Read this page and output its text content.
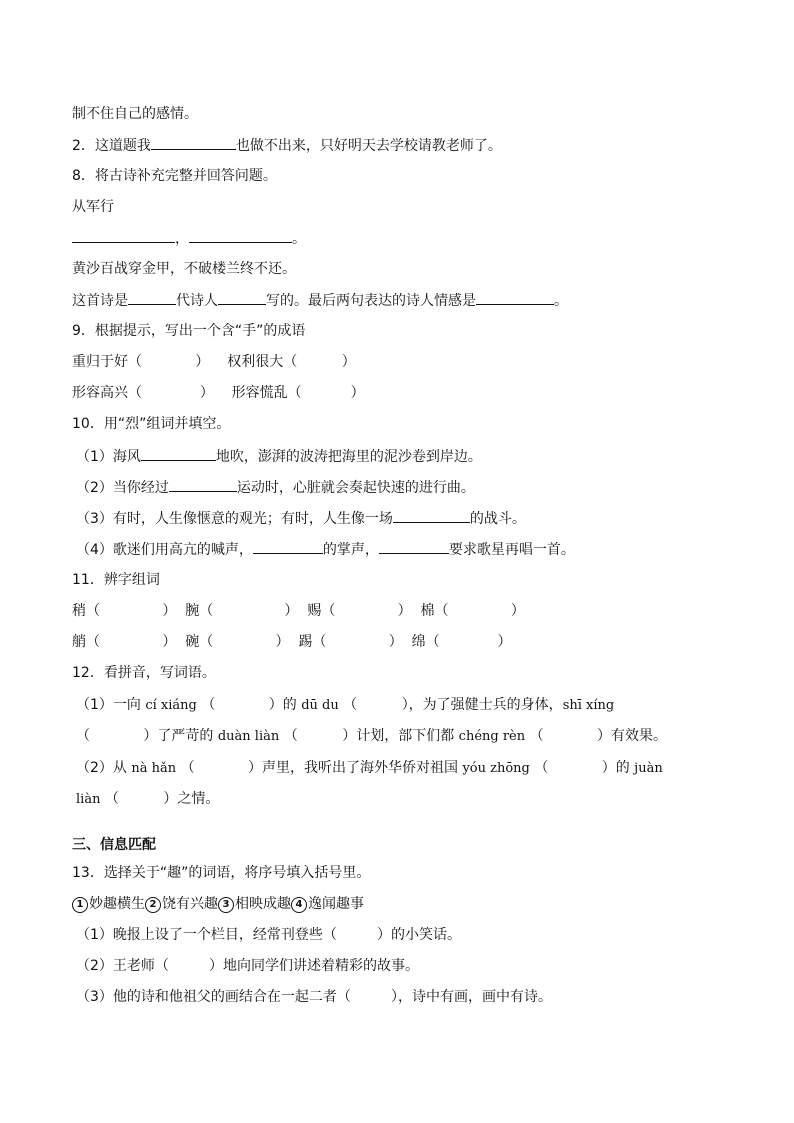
制不住自己的感情。
2．这道题我	也做不出来，只好明天去学校请教老师了。
8．将古诗补充完整并回答问题。
从军行
，	。
黄沙百战穿金甲，不破楼兰终不还。
这首诗是	代诗人	写的。最后两句表达的诗人情感是	。
9．根据提示，写出一个含“手”的成语
重归于好（	） 权利很大（	）
形容高兴（	） 形容慌乱（	）
10．用“烈”组词并填空。
（1）海风	地吹，澎湃的波涛把海里的泥沙卷到岸边。
（2）当你经过	运动时，心脏就会奏起快速的进行曲。
（3）有时，人生像惬意的观光；有时，人生像一场	的战斗。
（4）歌迷们用高亢的喊声，	的掌声，	要求歌星再唱一首。
11．辨字组词
稍（	） 腕（	） 赐（	） 棉（	）
艄（	） 碗（	） 踢（	） 绵（	）
12．看拼音，写词语。
（1）一向 cí xiáng （	）的 dū du （	），为了强健士兵的身体，shī xíng
（	）了严苛的 duàn liàn （	）计划，部下们都 chéng rèn （	）有效果。
（2）从 nà hǎn （	）声里，我听出了海外华侨对祖国 yóu zhōng （	）的 juàn
liàn （	）之情。
三、信息匹配
13．选择关于“趣”的词语，将序号填入括号里。
1 妙趣横生 2 饶有兴趣 3 相映成趣 4 逸闻趣事
（1）晚报上设了一个栏目，经常刊登些（	）的小笑话。
（2）王老师（	）地向同学们讲述着精彩的故事。
（3）他的诗和他祖父的画结合在一起二者（	），诗中有画，画中有诗。
